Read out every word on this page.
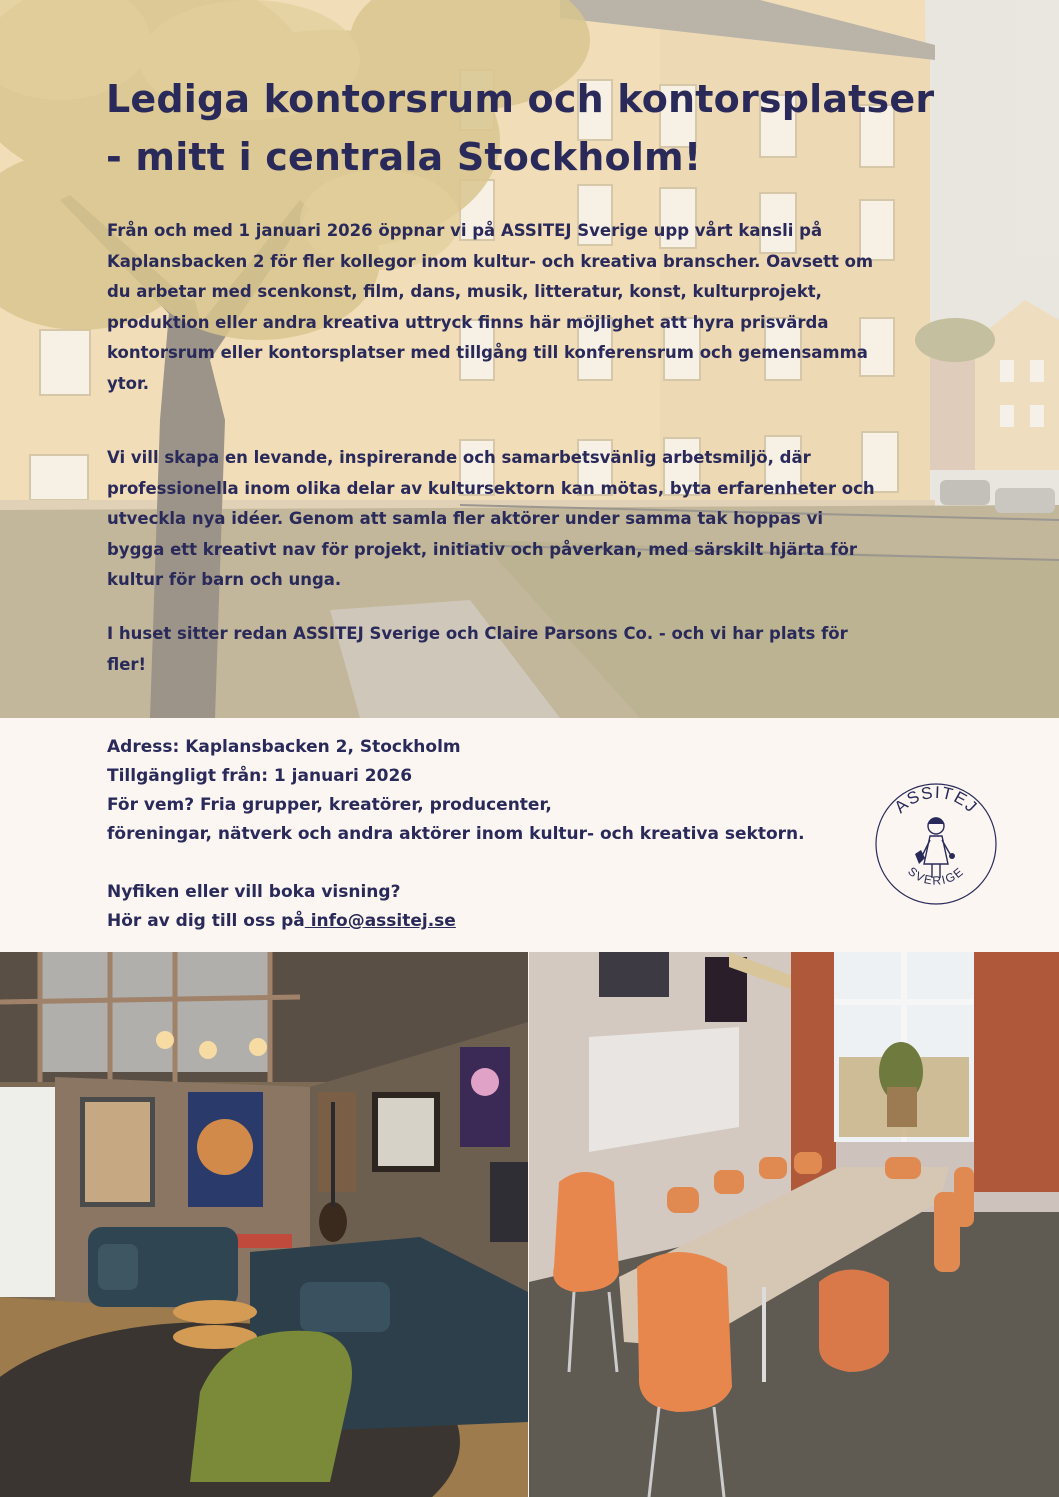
Lediga kontorsrum och kontorsplatser
- mitt i centrala Stockholm!
Från och med 1 januari 2026 öppnar vi på ASSITEJ Sverige upp vårt kansli på
Kaplansbacken 2 för fler kollegor inom kultur- och kreativa branscher. Oavsett om
du arbetar med scenkonst, film, dans, musik, litteratur, konst, kulturprojekt,
produktion eller andra kreativa uttryck finns här möjlighet att hyra prisvärda
kontorsrum eller kontorsplatser med tillgång till konferensrum och gemensamma
ytor.
Vi vill skapa en levande, inspirerande och samarbetsvänlig arbetsmiljö, där
professionella inom olika delar av kultursektorn kan mötas, byta erfarenheter och
utveckla nya idéer. Genom att samla fler aktörer under samma tak hoppas vi
bygga ett kreativt nav för projekt, initiativ och påverkan, med särskilt hjärta för
kultur för barn och unga.
I huset sitter redan ASSITEJ Sverige och Claire Parsons Co. - och vi har plats för
fler!
Adress: Kaplansbacken 2, Stockholm
Tillgängligt från: 1 januari 2026
För vem? Fria grupper, kreatörer, producenter,
föreningar, nätverk och andra aktörer inom kultur- och kreativa sektorn.
Nyfiken eller vill boka visning?
Hör av dig till oss på info@assitej.se
ASSITEJ
SVERIGE
